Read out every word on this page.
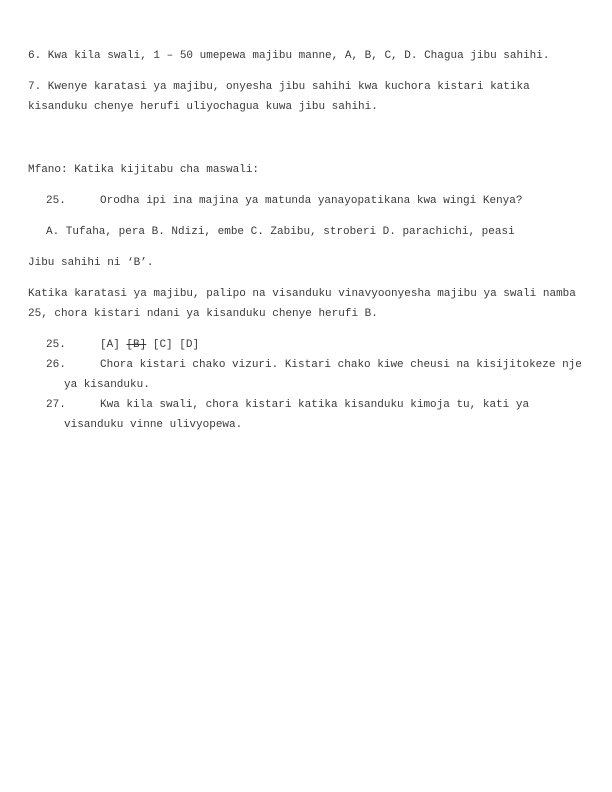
6. Kwa kila swali, 1 – 50 umepewa majibu manne, A, B, C, D. Chagua jibu sahihi.

7. Kwenye karatasi ya majibu, onyesha jibu sahihi kwa kuchora kistari katika kisanduku chenye herufi uliyochagua kuwa jibu sahihi.

Mfano: Katika kijitabu cha maswali:

25.	Orodha ipi ina majina ya matunda yanayopatikana kwa wingi Kenya?
A. Tufaha, pera B. Ndizi, embe C. Zabibu, stroberi D. parachichi, peasi

Jibu sahihi ni ‘B’.

Katika karatasi ya majibu, palipo na visanduku vinavyoonyesha majibu ya swali namba 25, chora kistari ndani ya kisanduku chenye herufi B.

25.	[A] [B] [C] [D]
26.	Chora kistari chako vizuri. Kistari chako kiwe cheusi na kisijitokeze nje ya kisanduku.
27.	Kwa kila swali, chora kistari katika kisanduku kimoja tu, kati ya visanduku vinne ulivyopewa.
